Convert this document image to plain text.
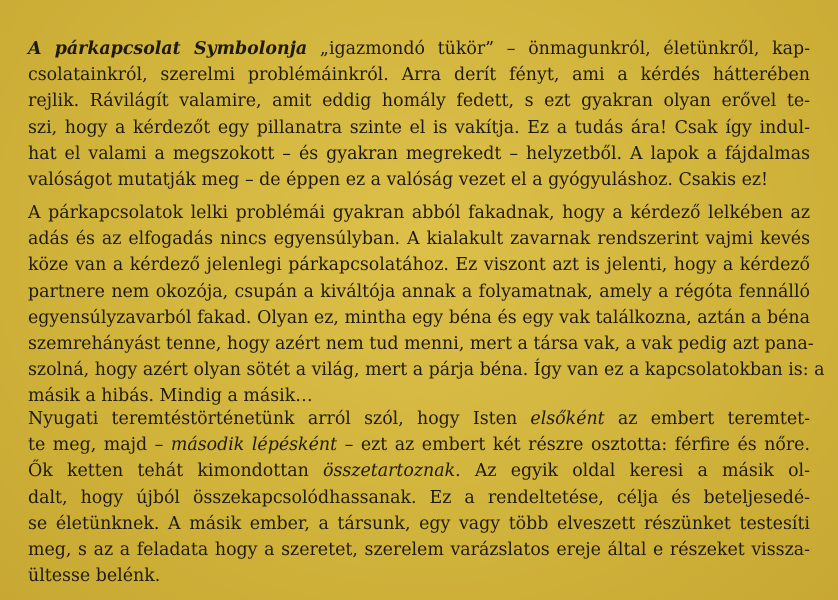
A párkapcsolat Symbolonja „igazmondó tükör” – önmagunkról, életünkről, kap-
csolatainkról, szerelmi problémáinkról. Arra derít fényt, ami a kérdés hátterében
rejlik. Rávilágít valamire, amit eddig homály fedett, s ezt gyakran olyan erővel te-
szi, hogy a kérdezőt egy pillanatra szinte el is vakítja. Ez a tudás ára! Csak így indul-
hat el valami a megszokott – és gyakran megrekedt – helyzetből. A lapok a fájdalmas
valóságot mutatják meg – de éppen ez a valóság vezet el a gyógyuláshoz. Csakis ez!
A párkapcsolatok lelki problémái gyakran abból fakadnak, hogy a kérdező lelkében az
adás és az elfogadás nincs egyensúlyban. A kialakult zavarnak rendszerint vajmi kevés
köze van a kérdező jelenlegi párkapcsolatához. Ez viszont azt is jelenti, hogy a kérdező
partnere nem okozója, csupán a kiváltója annak a folyamatnak, amely a régóta fennálló
egyensúlyzavarból fakad. Olyan ez, mintha egy béna és egy vak találkozna, aztán a béna
szemrehányást tenne, hogy azért nem tud menni, mert a társa vak, a vak pedig azt pana-
szolná, hogy azért olyan sötét a világ, mert a párja béna. Így van ez a kapcsolatokban is: a
másik a hibás. Mindig a másik…
Nyugati teremtéstörténetünk arról szól, hogy Isten elsőként az embert teremtet-
te meg, majd – második lépésként – ezt az embert két részre osztotta: férfire és nőre.
Ők ketten tehát kimondottan összetartoznak. Az egyik oldal keresi a másik ol-
dalt, hogy újból összekapcsolódhassanak. Ez a rendeltetése, célja és beteljesedé-
se életünknek. A másik ember, a társunk, egy vagy több elveszett részünket testesíti
meg, s az a feladata hogy a szeretet, szerelem varázslatos ereje által e részeket vissza-
ültesse belénk.
